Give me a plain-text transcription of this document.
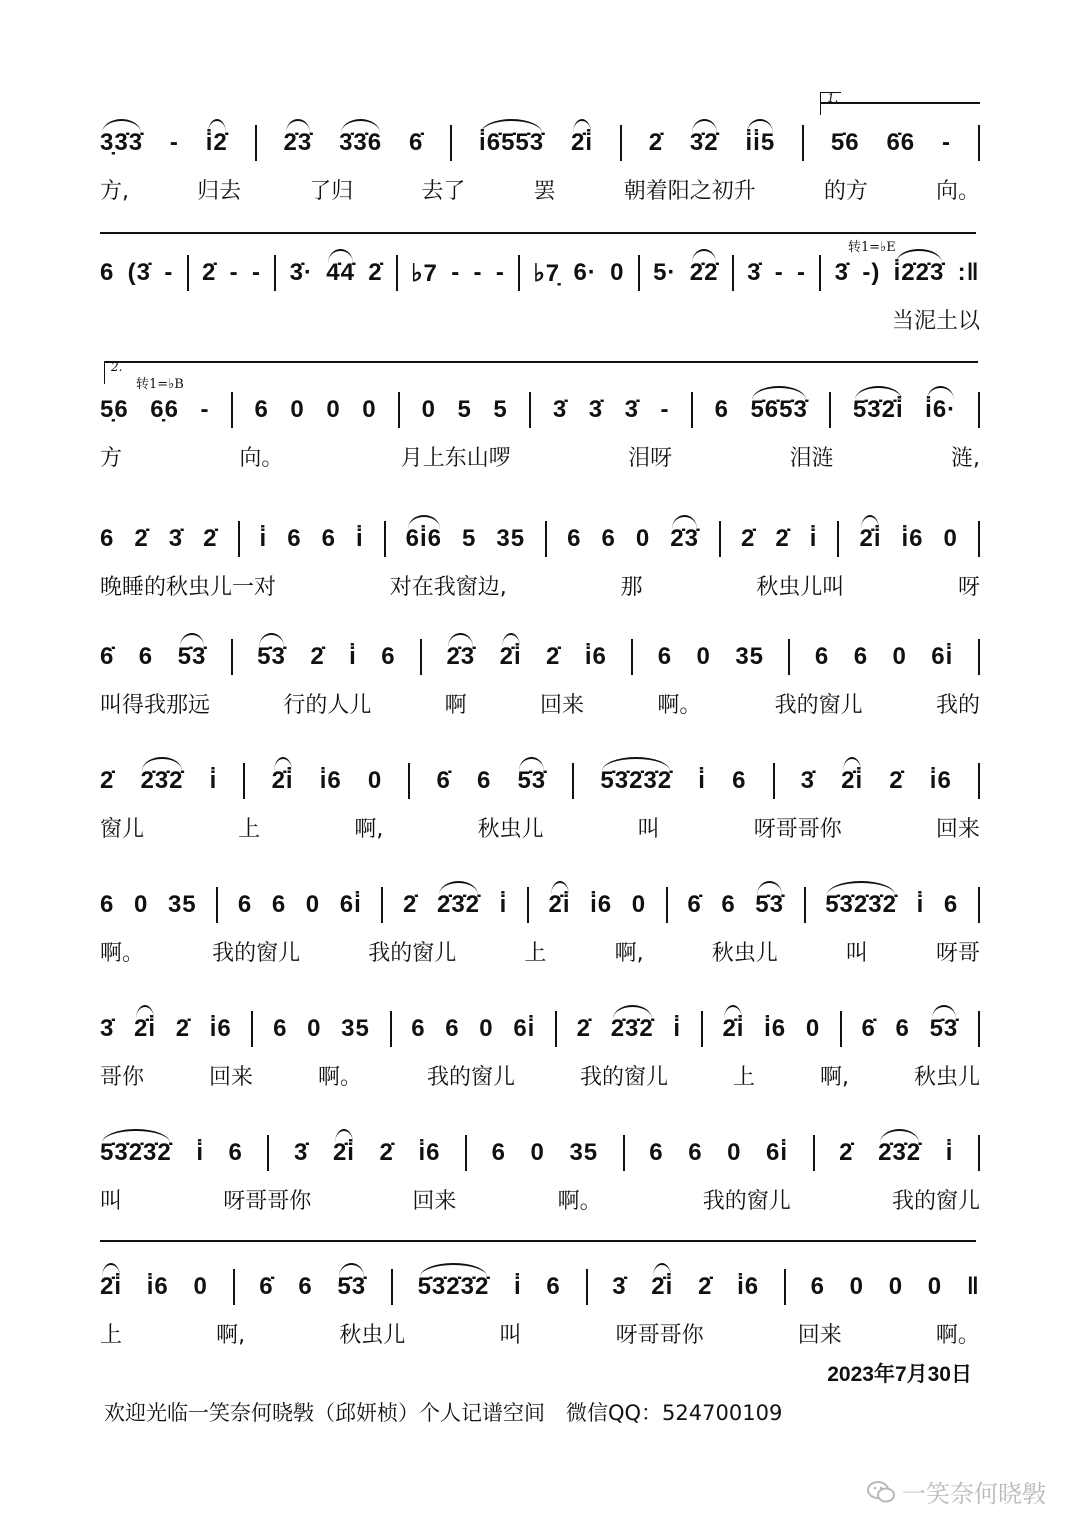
1.
3̣3̇3̇ - i̇2̇ 2̇3̇ 3̇3̇6 6̇ i̇6̇5̇5̇3̇ 2̇i̇ 2̇ 3̇2̇ i̇i̇5 5̇6 6̇6 -
方,	归去	了归	去了	罢	朝着阳之初升	的方	向。
转1=♭E
6 (3̇ - 2̇ - - 3̇· 4̇4̇ 2̇ ♭7 - - - ♭7̣ 6· 0 5· 2̇2̇ 3̇ - - 3̇ -) i̇2̇2̇3̇ :‖
当泥土以
2.
转1=♭B
5̣6 6̣6 - 6 0 0 0 0 5 5 3̇ 3̇ 3̇ - 6 5̇6̇5̇3̇ 5̇3̇2̇i̇ i̇6·
方	向。	月上东山啰	泪呀	泪涟	涟,
6 2̇ 3̇ 2̇ i̇ 6 6 i̇ 6i̇6 5 35 6 6 0 2̇3̇ 2̇ 2̇ i̇ 2̇i̇ i̇6 0
晚睡的秋虫儿一对	对在我窗边,	那	秋虫儿叫	呀
6̇ 6 5̇3̇ 5̇3̇ 2̇ i̇ 6 2̇3̇ 2̇i̇ 2̇ i̇6 6 0 35 6 6 0 6i̇
叫得我那远	行的人儿	啊	回来	啊。	我的窗儿	我的
2̇ 2̇3̇2̇ i̇ 2̇i̇ i̇6 0 6̇ 6 5̇3̇ 5̇3̇2̇3̇2̇ i̇ 6 3̇ 2̇i̇ 2̇ i̇6
窗儿	上	啊,	秋虫儿	叫	呀哥哥你	回来
6 0 35 6 6 0 6i̇ 2̇ 2̇3̇2̇ i̇ 2̇i̇ i̇6 0 6̇ 6 5̇3̇ 5̇3̇2̇3̇2̇ i̇ 6
啊。	我的窗儿	我的窗儿	上	啊,	秋虫儿	叫	呀哥
3̇ 2̇i̇ 2̇ i̇6 6 0 35 6 6 0 6i̇ 2̇ 2̇3̇2̇ i̇ 2̇i̇ i̇6 0 6̇ 6 5̇3̇
哥你	回来	啊。	我的窗儿	我的窗儿	上	啊,	秋虫儿
5̇3̇2̇3̇2̇ i̇ 6 3̇ 2̇i̇ 2̇ i̇6 6 0 35 6 6 0 6i̇ 2̇ 2̇3̇2̇ i̇
叫	呀哥哥你	回来	啊。	我的窗儿	我的窗儿
2̇i̇ i̇6 0 6̇ 6 5̇3̇ 5̇3̇2̇3̇2̇ i̇ 6 3̇ 2̇i̇ 2̇ i̇6 6 0 0 0 ‖
上	啊,	秋虫儿	叫	呀哥哥你	回来	啊。
2023年7月30日
欢迎光临一笑奈何晓斅（邱妍桢）个人记谱空间　微信QQ：524700109
一笑奈何晓斅
